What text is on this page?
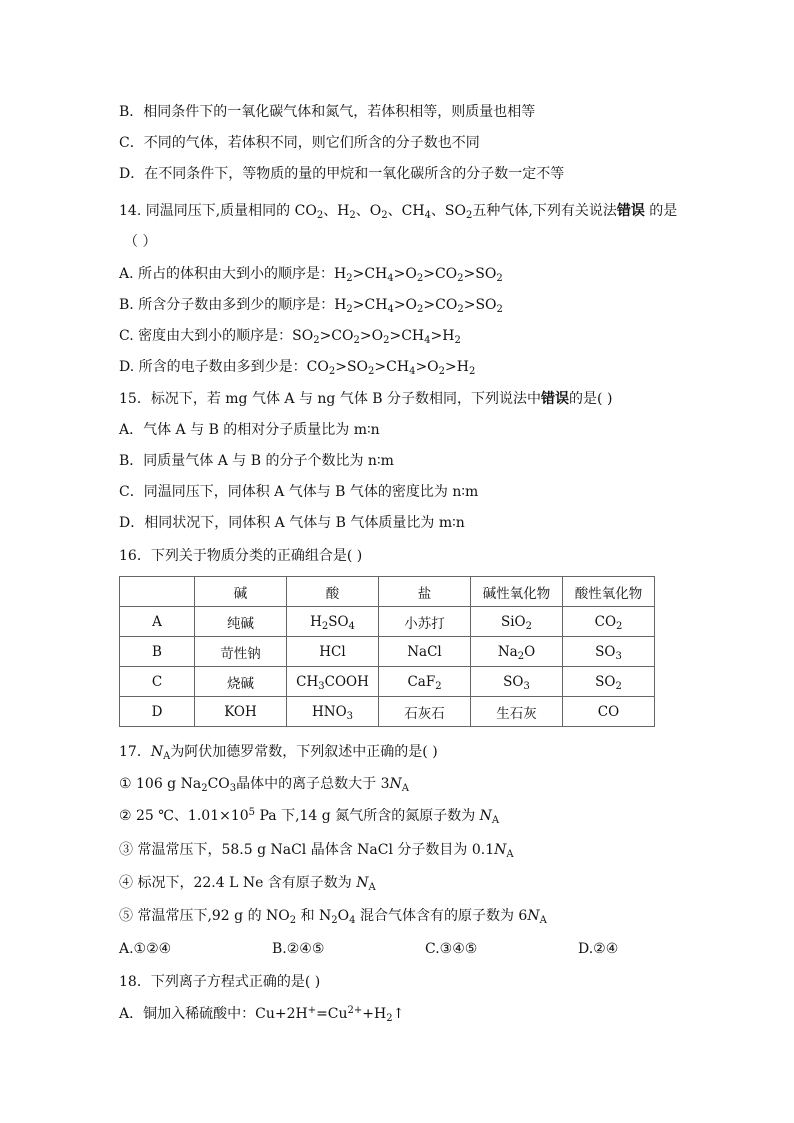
B．相同条件下的一氧化碳气体和氮气，若体积相等，则质量也相等
C．不同的气体，若体积不同，则它们所含的分子数也不同
D．在不同条件下，等物质的量的甲烷和一氧化碳所含的分子数一定不等
14. 同温同压下,质量相同的 $CO_2$、$H_2$、$O_2$、$CH_4$、$SO_2$五种气体,下列有关说法错误 的是
（ ）
A. 所占的体积由大到小的顺序是：$H_2>CH_4>O_2>CO_2>SO_2$
B. 所含分子数由多到少的顺序是：$H_2>CH_4>O_2>CO_2>SO_2$
C. 密度由大到小的顺序是：$SO_2>CO_2>O_2>CH_4>H_2$
D. 所含的电子数由多到少是：$CO_2>SO_2>CH_4>O_2>H_2$
15．标况下，若 mg 气体 A 与 ng 气体 B 分子数相同，下列说法中错误的是( )
A．气体 A 与 B 的相对分子质量比为 m∶n
B．同质量气体 A 与 B 的分子个数比为 n∶m
C．同温同压下，同体积 A 气体与 B 气体的密度比为 n∶m
D．相同状况下，同体积 A 气体与 B 气体质量比为 m∶n
16．下列关于物质分类的正确组合是( )
	碱	酸	盐	碱性氧化物	酸性氧化物
A	纯碱	$H_2SO_4$	小苏打	SiO$_2$	$CO_2$
B	苛性钠	HCl	NaCl	$Na_2O$	$SO_3$
C	烧碱	$CH_3COOH$	CaF$_2$	$SO_3$	$SO_2$
D	KOH	$HNO_3$	石灰石	生石灰	CO
17．$N_A$为阿伏加德罗常数，下列叙述中正确的是( )
① 106 g $Na_2CO_3$晶体中的离子总数大于 $3N_A$
② 25 ℃、$1.01\times 10^5$ Pa 下,14 g 氮气所含的氮原子数为 $N_A$
③ 常温常压下，58.5 g NaCl 晶体含 NaCl 分子数目为 $0.1N_A$
④ 标况下，22.4 L Ne 含有原子数为 $N_A$
⑤ 常温常压下,92 g 的 $NO_2$ 和 $N_2O_4$ 混合气体含有的原子数为 $6N_A$
A.①②④	B.②④⑤	C.③④⑤	D.②④
18．下列离子方程式正确的是( )
A．铜加入稀硫酸中：$Cu+2H^+=Cu^{2+}+H_2↑$
